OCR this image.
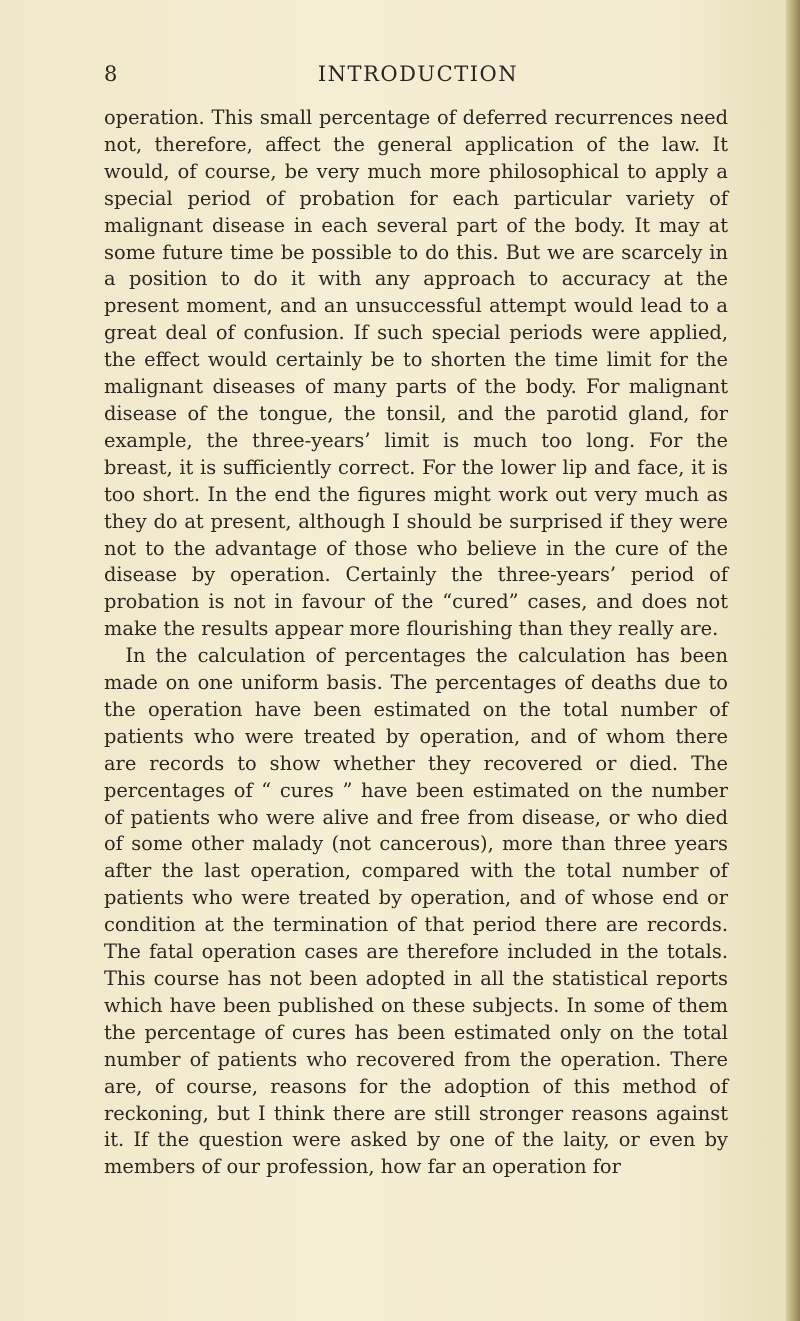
8	INTRODUCTION

operation. This small percentage of deferred recurrences need not, therefore, affect the general application of the law. It would, of course, be very much more philosophical to apply a special period of probation for each particular variety of malignant disease in each several part of the body. It may at some future time be possible to do this. But we are scarcely in a position to do it with any approach to accuracy at the present moment, and an unsuccessful attempt would lead to a great deal of confusion. If such special periods were applied, the effect would certainly be to shorten the time limit for the malignant diseases of many parts of the body. For malignant disease of the tongue, the tonsil, and the parotid gland, for example, the three-years’ limit is much too long. For the breast, it is sufficiently correct. For the lower lip and face, it is too short. In the end the figures might work out very much as they do at present, although I should be surprised if they were not to the advantage of those who believe in the cure of the disease by operation. Certainly the three-years’ period of probation is not in favour of the “cured” cases, and does not make the results appear more flourishing than they really are.

In the calculation of percentages the calculation has been made on one uniform basis. The percentages of deaths due to the operation have been estimated on the total number of patients who were treated by operation, and of whom there are records to show whether they recovered or died. The percentages of “ cures ” have been estimated on the number of patients who were alive and free from disease, or who died of some other malady (not cancerous), more than three years after the last operation, compared with the total number of patients who were treated by operation, and of whose end or condition at the termination of that period there are records. The fatal operation cases are therefore included in the totals. This course has not been adopted in all the statistical reports which have been published on these subjects. In some of them the percentage of cures has been estimated only on the total number of patients who recovered from the operation. There are, of course, reasons for the adoption of this method of reckoning, but I think there are still stronger reasons against it. If the question were asked by one of the laity, or even by members of our profession, how far an operation for
